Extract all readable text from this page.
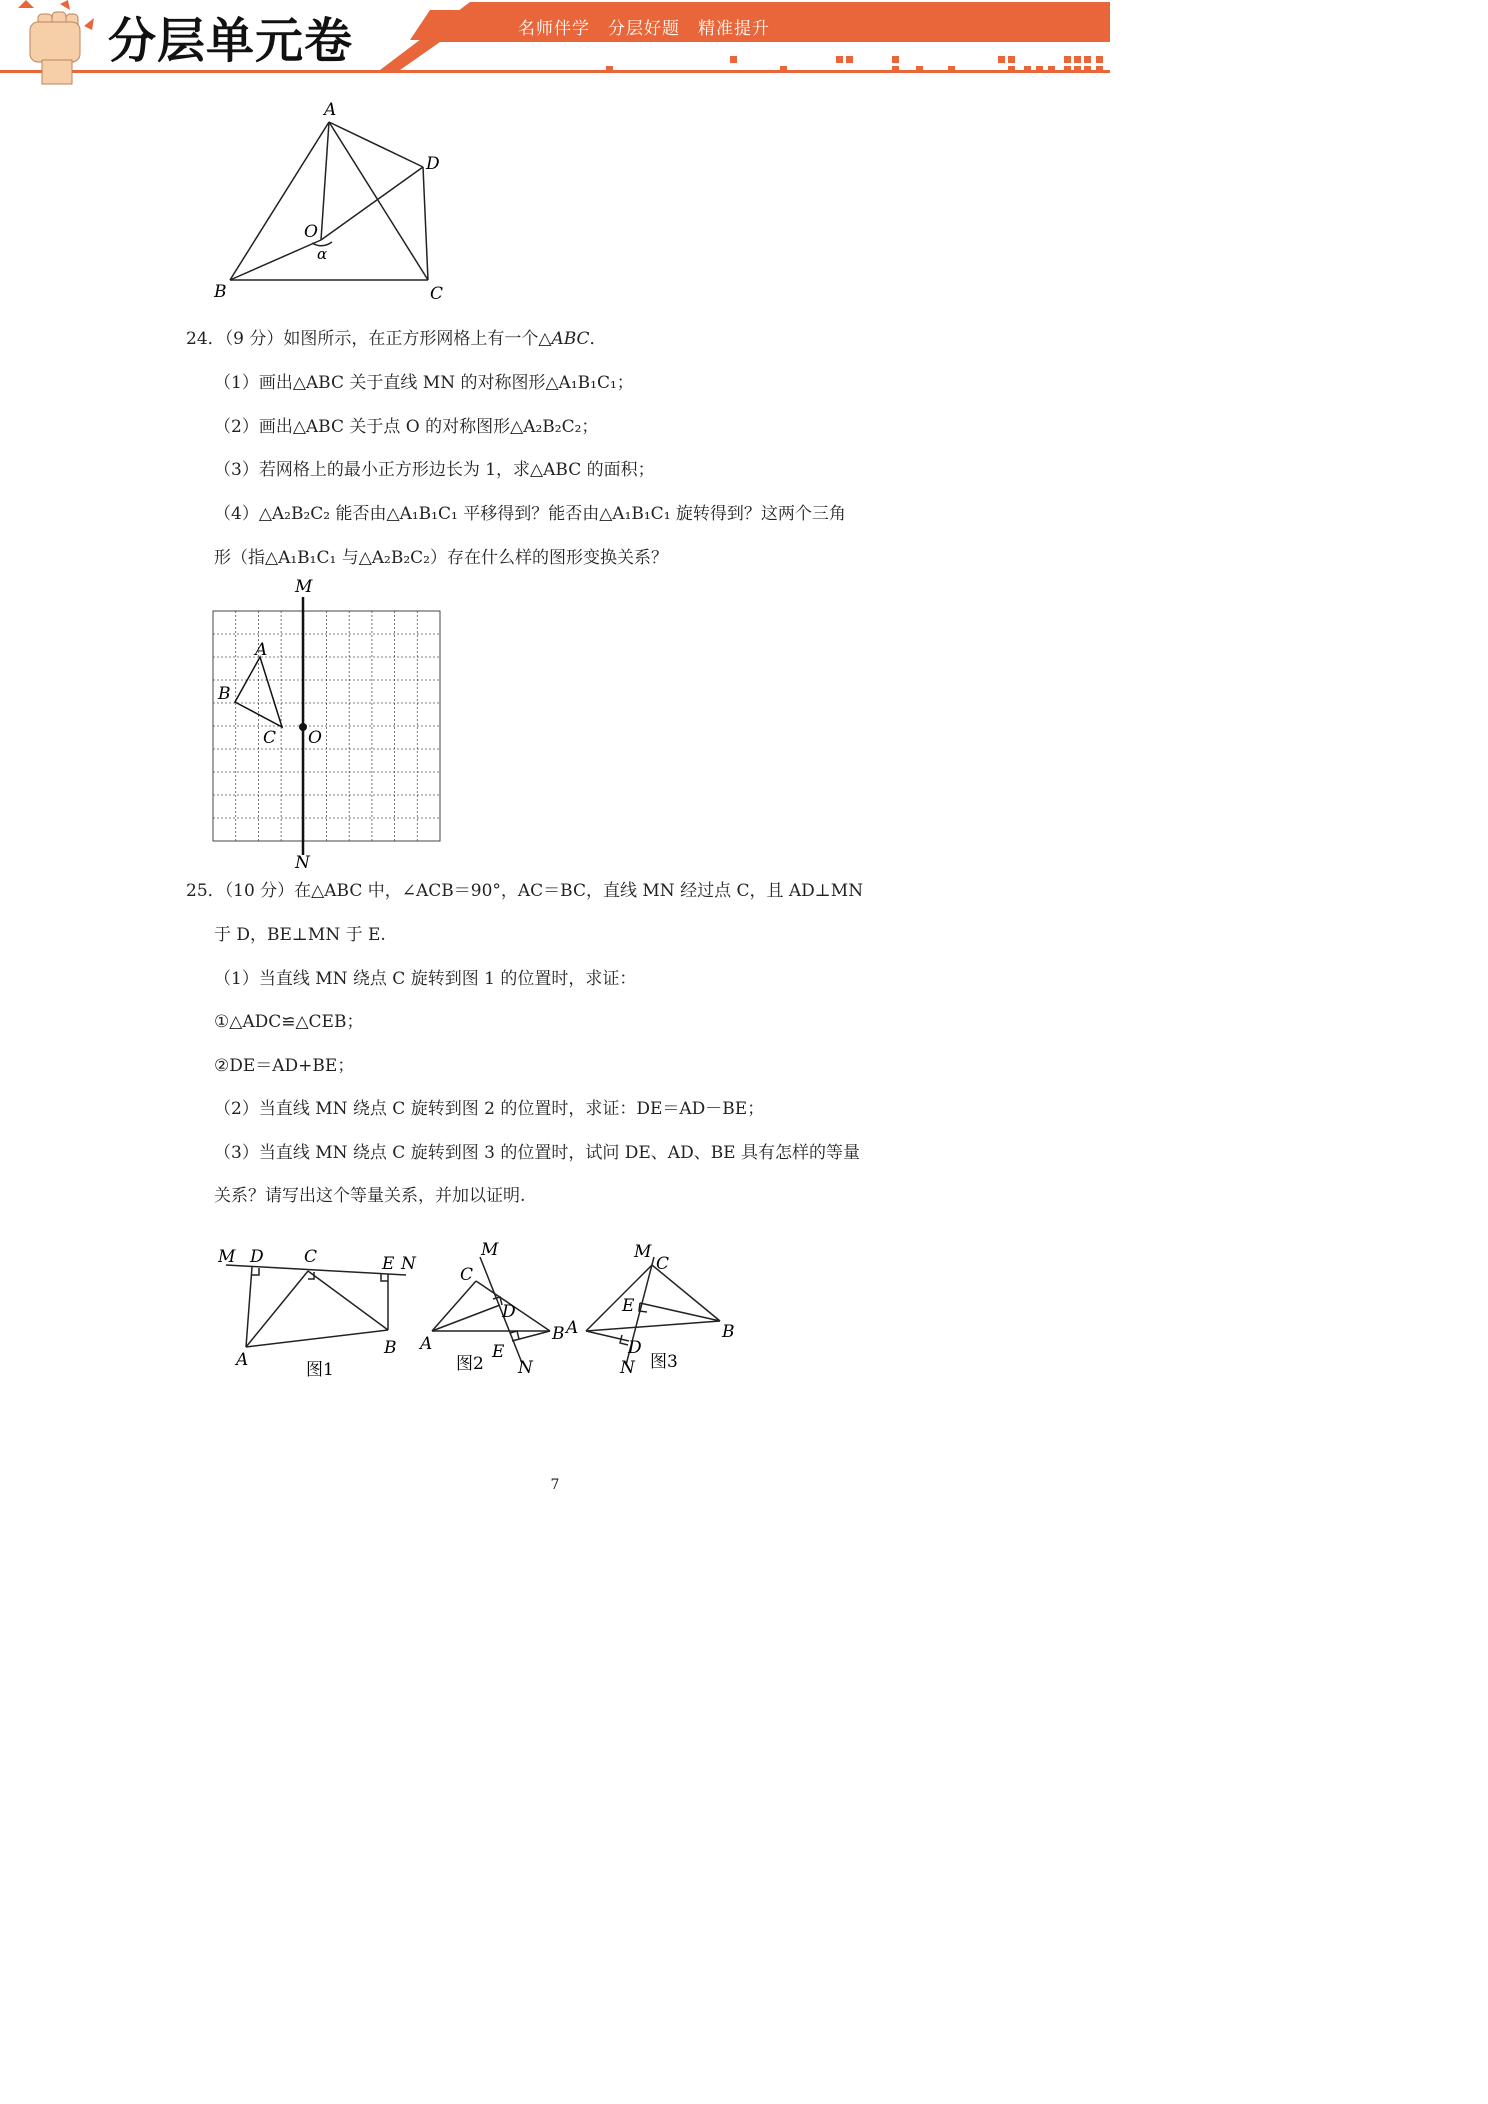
分层单元卷	名师伴学　分层好题　精准提升
A
D
O
α
B	C
24．（9 分）如图所示，在正方形网格上有一个△ABC．
（1）画出△ABC 关于直线 MN 的对称图形△A₁B₁C₁；
（2）画出△ABC 关于点 O 的对称图形△A₂B₂C₂；
（3）若网格上的最小正方形边长为 1，求△ABC 的面积；
（4）△A₂B₂C₂ 能否由△A₁B₁C₁ 平移得到？能否由△A₁B₁C₁ 旋转得到？这两个三角
形（指△A₁B₁C₁ 与△A₂B₂C₂）存在什么样的图形变换关系？
M
N
A
B
C O
25．（10 分）在△ABC 中，∠ACB＝90°，AC＝BC，直线 MN 经过点 C，且 AD⊥MN
于 D，BE⊥MN 于 E.
（1）当直线 MN 绕点 C 旋转到图 1 的位置时，求证：
①△ADC≌△CEB；
②DE＝AD+BE；
（2）当直线 MN 绕点 C 旋转到图 2 的位置时，求证：DE＝AD－BE；
（3）当直线 MN 绕点 C 旋转到图 3 的位置时，试问 DE、AD、BE 具有怎样的等量
关系？请写出这个等量关系，并加以证明.
M D C	E N
A
B
图1
M
C
D
A	B
E
N
图2
M
C
E
A	B
D
N 图3
7
